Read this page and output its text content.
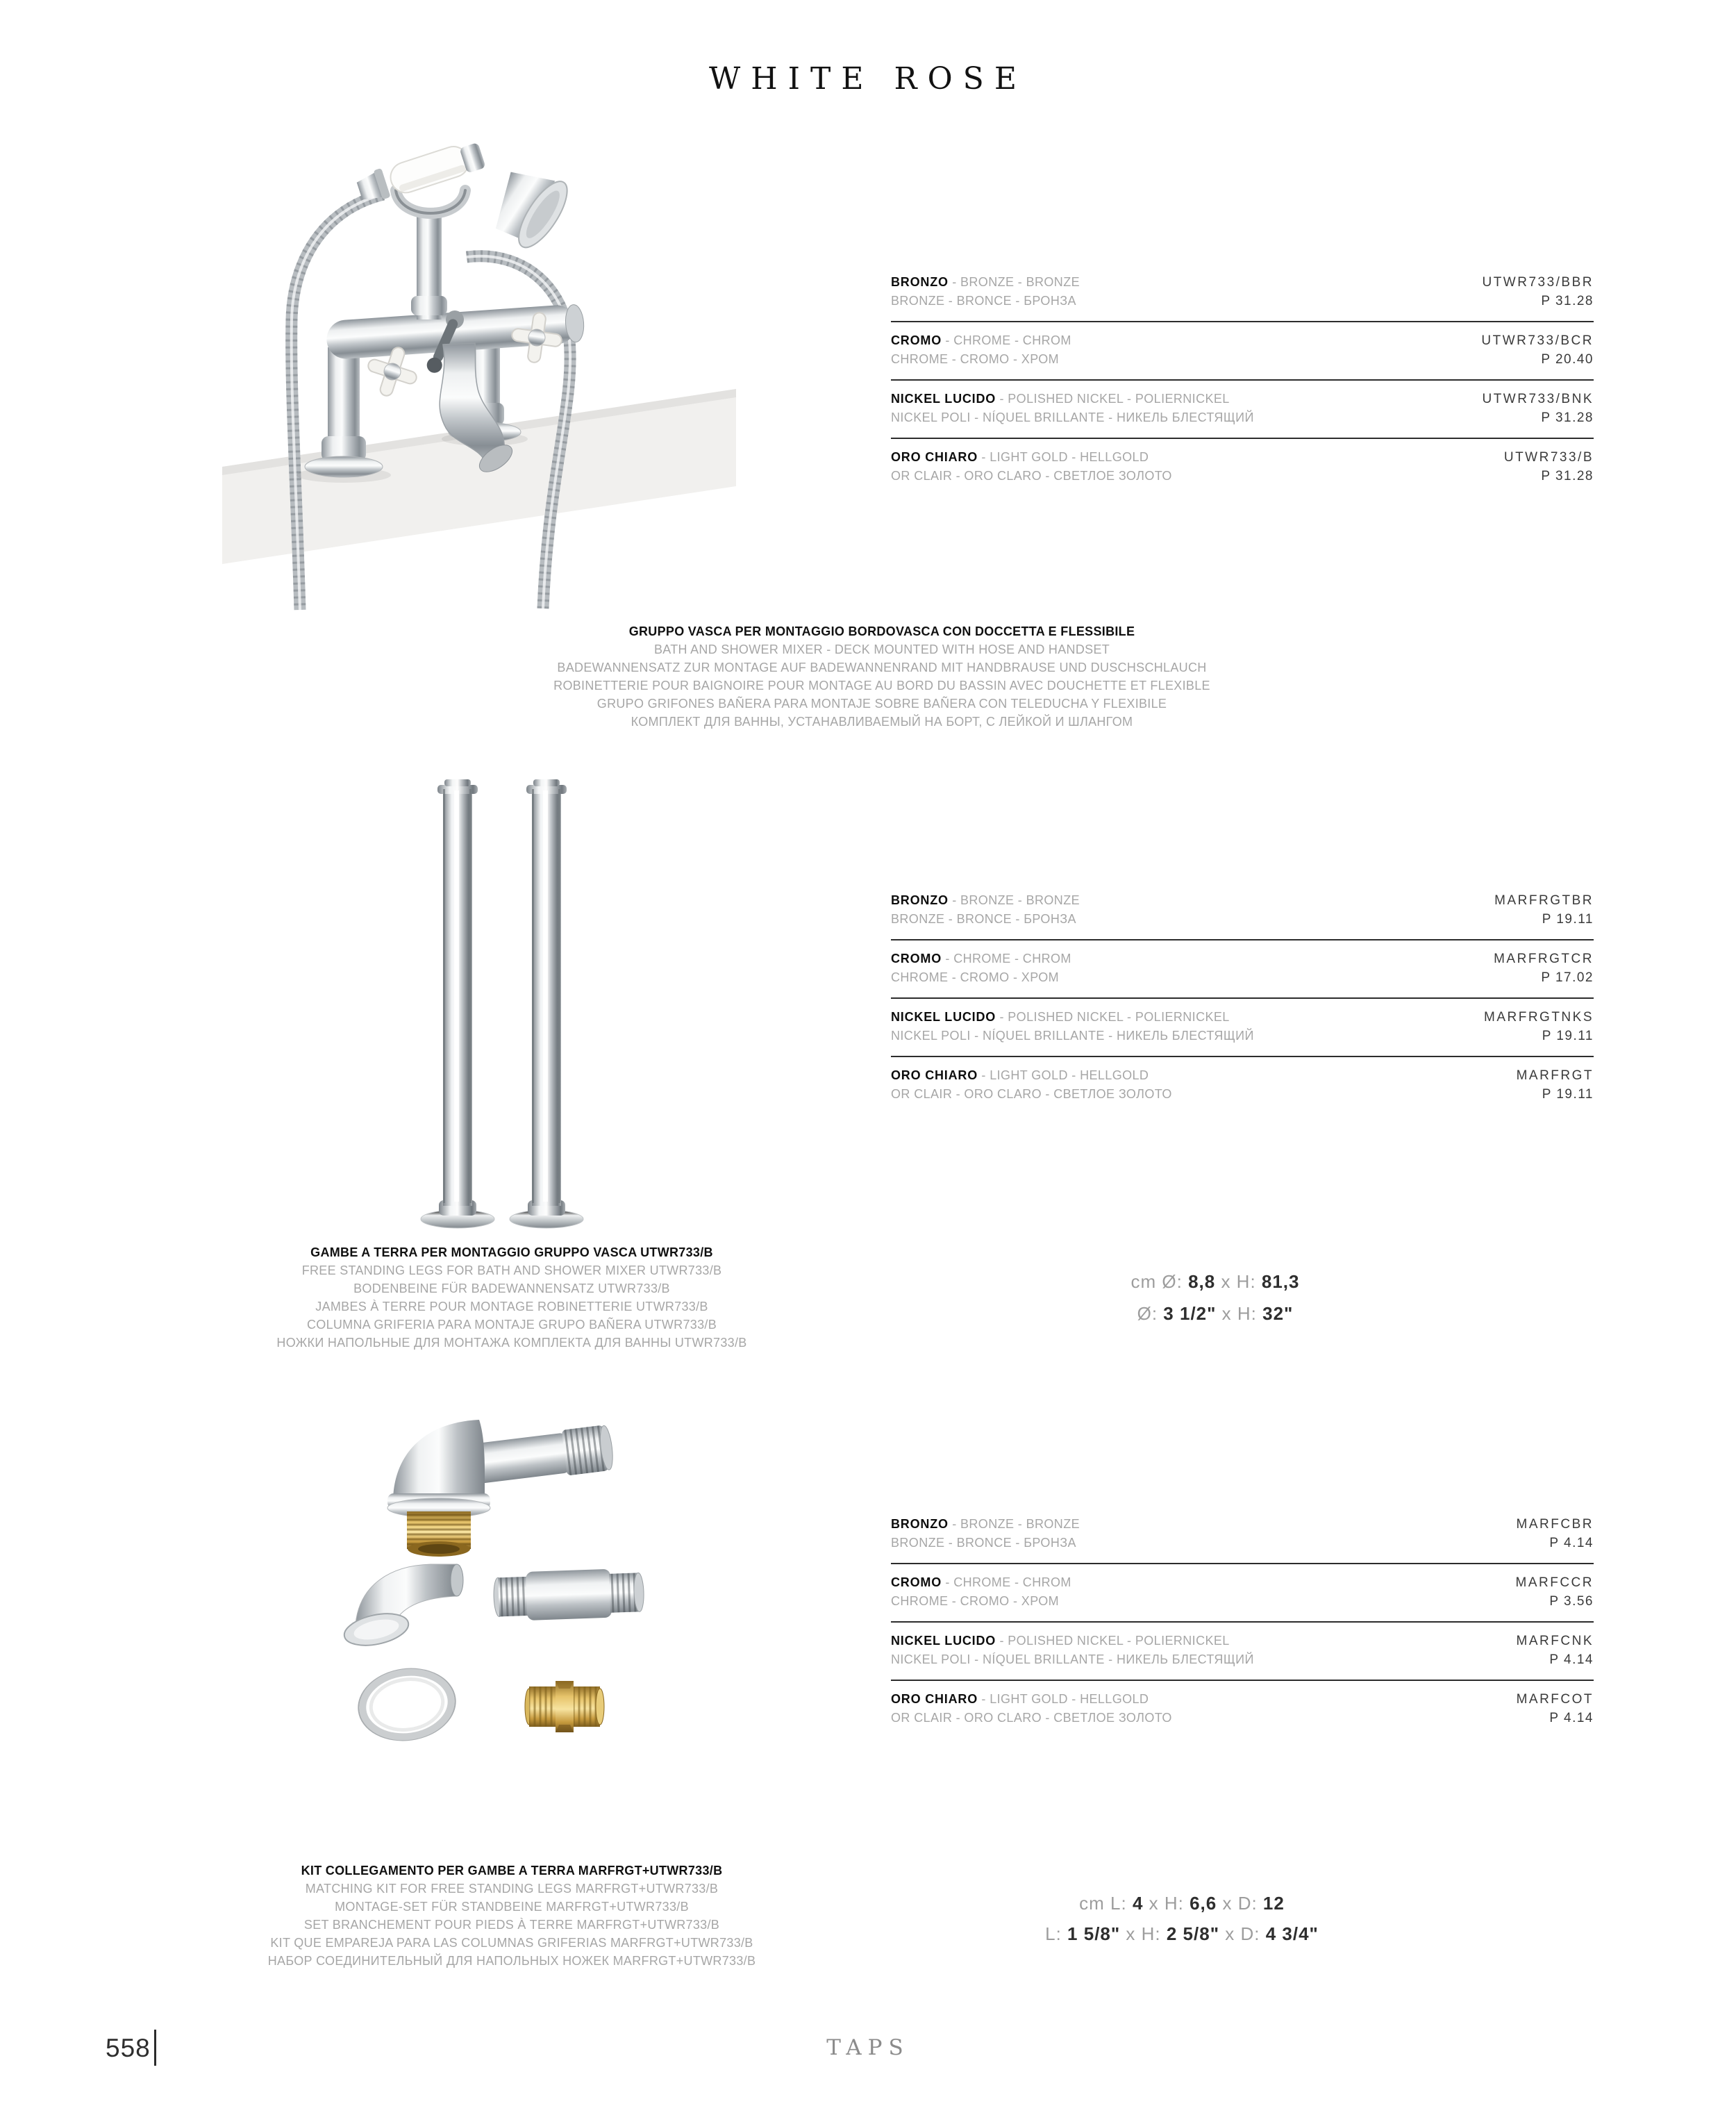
WHITE ROSE
BRONZO - BRONZE - BRONZE
BRONZE - BRONCE - БРОНЗА
UTWR733/BBR
P 31.28
CROMO - CHROME - CHROM
CHROME - CROMO - ХРОМ
UTWR733/BCR
P 20.40
NICKEL LUCIDO - POLISHED NICKEL - POLIERNICKEL
NICKEL POLI - NÍQUEL BRILLANTE - НИКЕЛЬ БЛЕСТЯЩИЙ
UTWR733/BNK
P 31.28
ORO CHIARO - LIGHT GOLD - HELLGOLD
OR CLAIR - ORO CLARO - СВЕТЛОЕ ЗОЛОТО
UTWR733/B
P 31.28
GRUPPO VASCA PER MONTAGGIO BORDOVASCA CON DOCCETTA E FLESSIBILE
BATH AND SHOWER MIXER - DECK MOUNTED WITH HOSE AND HANDSET
BADEWANNENSATZ ZUR MONTAGE AUF BADEWANNENRAND MIT HANDBRAUSE UND DUSCHSCHLAUCH
ROBINETTERIE POUR BAIGNOIRE POUR MONTAGE AU BORD DU BASSIN AVEC DOUCHETTE ET FLEXIBLE
GRUPO GRIFONES BAÑERA PARA MONTAJE SOBRE BAÑERA CON TELEDUCHA Y FLEXIBILE
КОМПЛЕКТ ДЛЯ ВАННЫ, УСТАНАВЛИВАЕМЫЙ НА БОРТ, С ЛЕЙКОЙ И ШЛАНГОМ
BRONZO - BRONZE - BRONZE
BRONZE - BRONCE - БРОНЗА
MARFRGTBR
P 19.11
CROMO - CHROME - CHROM
CHROME - CROMO - ХРОМ
MARFRGTCR
P 17.02
NICKEL LUCIDO - POLISHED NICKEL - POLIERNICKEL
NICKEL POLI - NÍQUEL BRILLANTE - НИКЕЛЬ БЛЕСТЯЩИЙ
MARFRGTNKS
P 19.11
ORO CHIARO - LIGHT GOLD - HELLGOLD
OR CLAIR - ORO CLARO - СВЕТЛОЕ ЗОЛОТО
MARFRGT
P 19.11
GAMBE A TERRA PER MONTAGGIO GRUPPO VASCA UTWR733/B
FREE STANDING LEGS FOR BATH AND SHOWER MIXER UTWR733/B
BODENBEINE FÜR BADEWANNENSATZ UTWR733/B
JAMBES À TERRE POUR MONTAGE ROBINETTERIE UTWR733/B
COLUMNA GRIFERIA PARA MONTAJE GRUPO BAÑERA UTWR733/B
НОЖКИ НАПОЛЬНЫЕ ДЛЯ МОНТАЖА КОМПЛЕКТА ДЛЯ ВАННЫ UTWR733/B
cm Ø: 8,8 x H: 81,3
Ø: 3 1/2" x H: 32"
BRONZO - BRONZE - BRONZE
BRONZE - BRONCE - БРОНЗА
MARFCBR
P 4.14
CROMO - CHROME - CHROM
CHROME - CROMO - ХРОМ
MARFCCR
P 3.56
NICKEL LUCIDO - POLISHED NICKEL - POLIERNICKEL
NICKEL POLI - NÍQUEL BRILLANTE - НИКЕЛЬ БЛЕСТЯЩИЙ
MARFCNK
P 4.14
ORO CHIARO - LIGHT GOLD - HELLGOLD
OR CLAIR - ORO CLARO - СВЕТЛОЕ ЗОЛОТО
MARFCOT
P 4.14
KIT COLLEGAMENTO PER GAMBE A TERRA MARFRGT+UTWR733/B
MATCHING KIT FOR FREE STANDING LEGS MARFRGT+UTWR733/B
MONTAGE-SET FÜR STANDBEINE MARFRGT+UTWR733/B
SET BRANCHEMENT POUR PIEDS À TERRE MARFRGT+UTWR733/B
KIT QUE EMPAREJA PARA LAS COLUMNAS GRIFERIAS MARFRGT+UTWR733/B
НАБОР СОЕДИНИТЕЛЬНЫЙ ДЛЯ НАПОЛЬНЫХ НОЖЕК MARFRGT+UTWR733/B
cm L: 4 x H: 6,6 x D: 12
L: 1 5/8" x H: 2 5/8" x D: 4 3/4"
558	TAPS
